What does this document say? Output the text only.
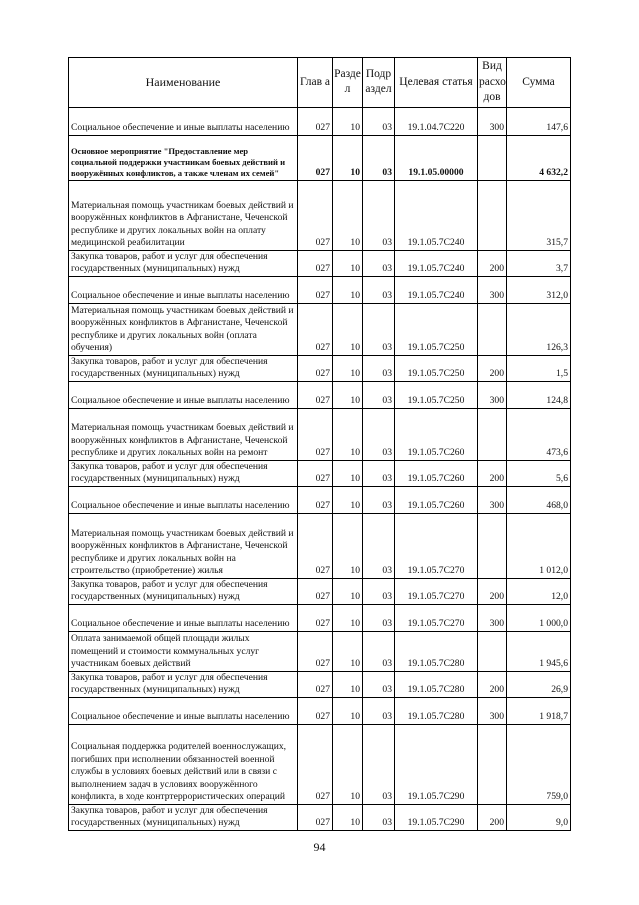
Наименование	Глав а	Разде л	Подр аздел	Целевая статья	Вид расхо дов	Сумма
Социальное обеспечение и иные выплаты населению	027	10	03	19.1.04.7С220	300	147,6
Основное мероприятие "Предоставление мер социальной поддержки участникам боевых действий и вооружённых конфликтов, а также членам их семей"	027	10	03	19.1.05.00000		4 632,2
Материальная помощь участникам боевых действий и вооружённых конфликтов в Афганистане, Чеченской республике и других локальных войн на оплату медицинской реабилитации	027	10	03	19.1.05.7С240		315,7
Закупка товаров, работ и услуг для обеспечения государственных (муниципальных) нужд	027	10	03	19.1.05.7С240	200	3,7
Социальное обеспечение и иные выплаты населению	027	10	03	19.1.05.7С240	300	312,0
Материальная помощь участникам боевых действий и вооружённых конфликтов в Афганистане, Чеченской республике и других локальных войн (оплата обучения)	027	10	03	19.1.05.7С250		126,3
Закупка товаров, работ и услуг для обеспечения государственных (муниципальных) нужд	027	10	03	19.1.05.7С250	200	1,5
Социальное обеспечение и иные выплаты населению	027	10	03	19.1.05.7С250	300	124,8
Материальная помощь участникам боевых действий и вооружённых конфликтов в Афганистане, Чеченской республике и других локальных войн на ремонт	027	10	03	19.1.05.7С260		473,6
Закупка товаров, работ и услуг для обеспечения государственных (муниципальных) нужд	027	10	03	19.1.05.7С260	200	5,6
Социальное обеспечение и иные выплаты населению	027	10	03	19.1.05.7С260	300	468,0
Материальная помощь участникам боевых действий и вооружённых конфликтов в Афганистане, Чеченской республике и других локальных войн на строительство (приобретение) жилья	027	10	03	19.1.05.7С270		1 012,0
Закупка товаров, работ и услуг для обеспечения государственных (муниципальных) нужд	027	10	03	19.1.05.7С270	200	12,0
Социальное обеспечение и иные выплаты населению	027	10	03	19.1.05.7С270	300	1 000,0
Оплата занимаемой общей площади жилых помещений и стоимости коммунальных услуг участникам боевых действий	027	10	03	19.1.05.7С280		1 945,6
Закупка товаров, работ и услуг для обеспечения государственных (муниципальных) нужд	027	10	03	19.1.05.7С280	200	26,9
Социальное обеспечение и иные выплаты населению	027	10	03	19.1.05.7С280	300	1 918,7
Социальная поддержка родителей военнослужащих, погибших при исполнении обязанностей военной службы в условиях боевых действий или в связи с выполнением задач в условиях вооружённого конфликта, в ходе контртеррористических операций	027	10	03	19.1.05.7С290		759,0
Закупка товаров, работ и услуг для обеспечения государственных (муниципальных) нужд	027	10	03	19.1.05.7С290	200	9,0
94
